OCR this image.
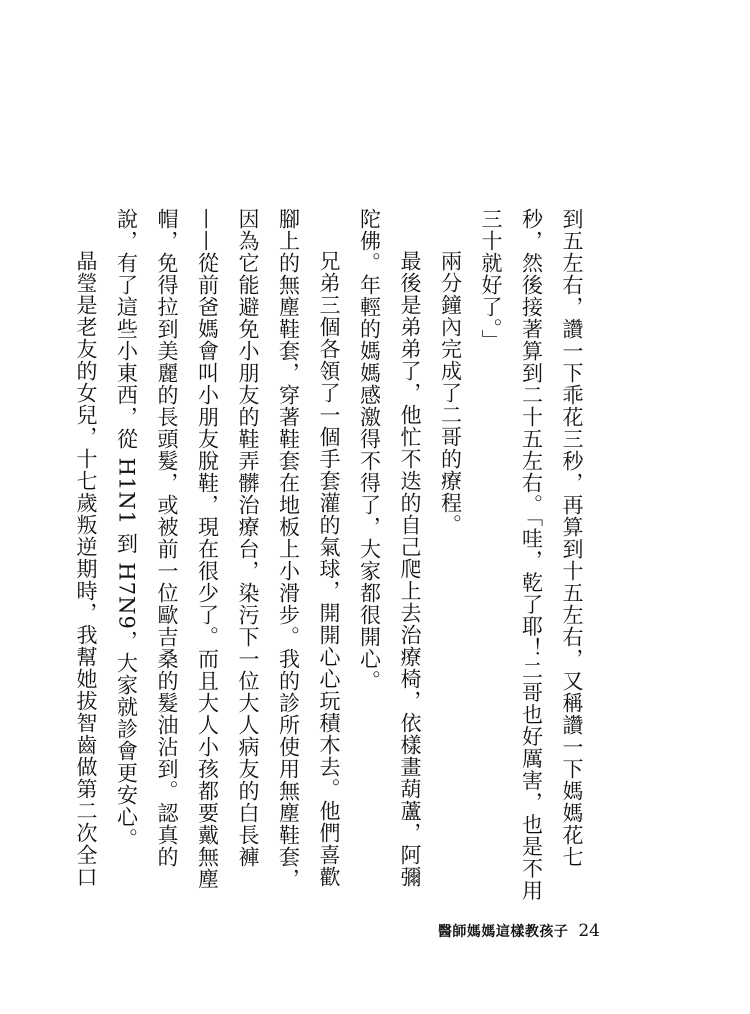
到五左右，讚一下乖花三秒，再算到十五左右，又稱讚一下媽媽花七秒，然後接著算到二十五左右。「哇，乾了耶！二哥也好厲害，也是不用三十就好了。」

兩分鐘內完成了二哥的療程。

最後是弟弟了，他忙不迭的自己爬上去治療椅，依樣畫葫蘆，阿彌陀佛。年輕的媽媽感激得不得了，大家都很開心。

兄弟三個各領了一個手套灌的氣球，開開心心玩積木去。他們喜歡腳上的無塵鞋套，穿著鞋套在地板上小滑步。我的診所使用無塵鞋套，因為它能避免小朋友的鞋弄髒治療台，染污下一位大人病友的白長褲——從前爸媽會叫小朋友脫鞋，現在很少了。而且大人小孩都要戴無塵帽，免得拉到美麗的長頭髮，或被前一位歐吉桑的髮油沾到。認真的說，有了這些小東西，從 H1N1 到 H7N9，大家就診會更安心。

晶瑩是老友的女兒，十七歲叛逆期時，我幫她拔智齒做第二次全口

醫師媽媽這樣教孩子 24
